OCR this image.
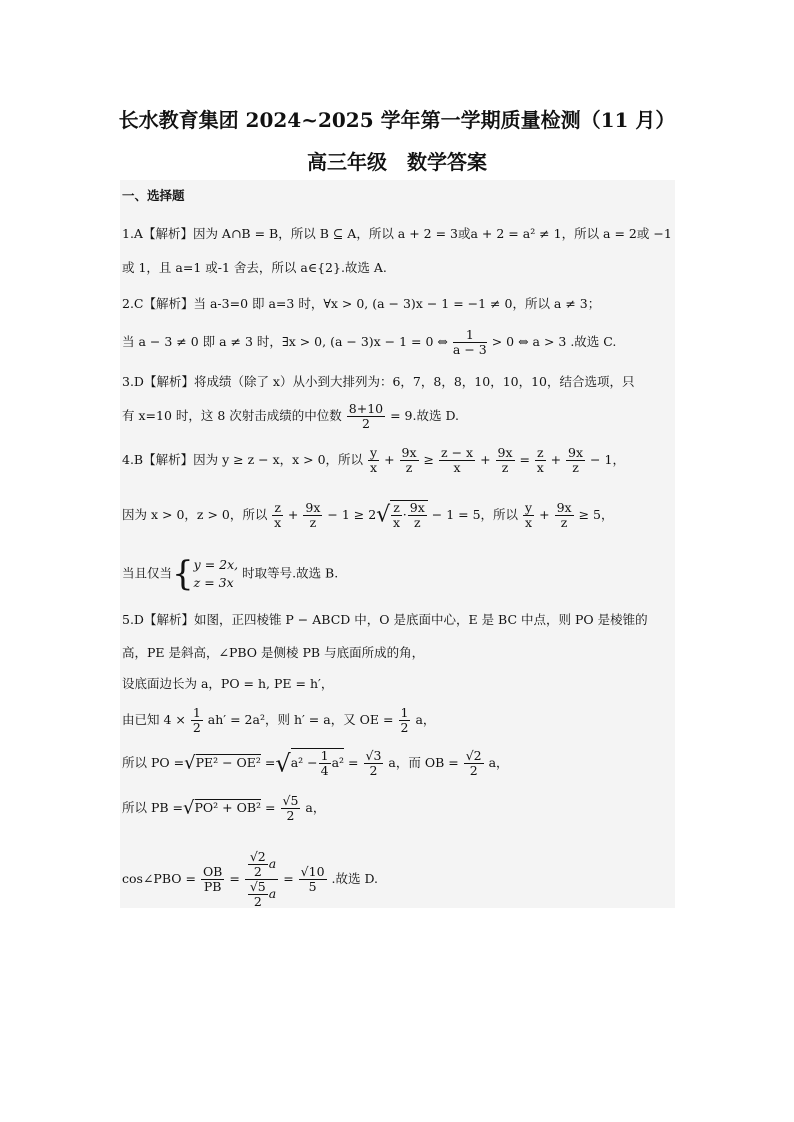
长水教育集团 2024~2025 学年第一学期质量检测（11 月）
高三年级　数学答案
一、选择题
1.A【解析】因为 A∩B = B，所以 B ⊆ A，所以 a + 2 = 3或a + 2 = a² ≠ 1，所以 a = 2或 −1
或 1，且 a=1 或-1 舍去，所以 a∈{2}.故选 A.
2.C【解析】当 a-3=0 即 a=3 时，∀x > 0, (a − 3)x − 1 = −1 ≠ 0，所以 a ≠ 3；
当 a − 3 ≠ 0 即 a ≠ 3 时，∃x > 0, (a − 3)x − 1 = 0 ⇔ $\frac{1}{a - 3} > 0$ ⇔ a > 3 .故选 C.
3.D【解析】将成绩（除了 x）从小到大排列为：6，7，8，8，10，10，10，结合选项，只
有 x=10 时，这 8 次射击成绩的中位数 $\frac{8+10}{2} = 9$.故选 D.
4.B【解析】因为 y ≥ z − x，x > 0，所以 $\frac{y}{x} + \frac{9x}{z} \ge \frac{z - x}{x} + \frac{9x}{z} = \frac{z}{x} + \frac{9x}{z} - 1$，
因为 x > 0，z > 0，所以 $\frac{z}{x} + \frac{9x}{z} - 1 \ge 2√ \frac{z}{x} \cdot \frac{9x}{z} - 1 = 5$，所以 $\frac{y}{x} + \frac{9x}{z} \ge 5$，
当且仅当{ y = 2x,
z = 3x
时取等号.故选 B.
5.D【解析】如图，正四棱锥 P − ABCD 中，O 是底面中心，E 是 BC 中点，则 PO 是棱锥的
高，PE 是斜高，∠PBO 是侧棱 PB 与底面所成的角，
设底面边长为 a，PO = h, PE = h′，
由已知 $4 \times \frac{1}{2} ah' = 2a^2$，则 h′ = a，又 OE = $\frac{1}{2}$ a，
所以 PO $=√PE^2 - OE^2 =√a^2 - \frac{1}{4} a^2 = \frac{√3}{2}$ a，而 OB = $\frac{√2}{2}$ a，
所以 PB $=√PO^2 + OB^2 = \frac{√5}{2}$ a，
cos∠PBO = $\frac{OB}{PB} = \frac{\frac{√2}{2} a}{\frac{√5}{2} a} = \frac{√10}{5}$ .故选 D.
